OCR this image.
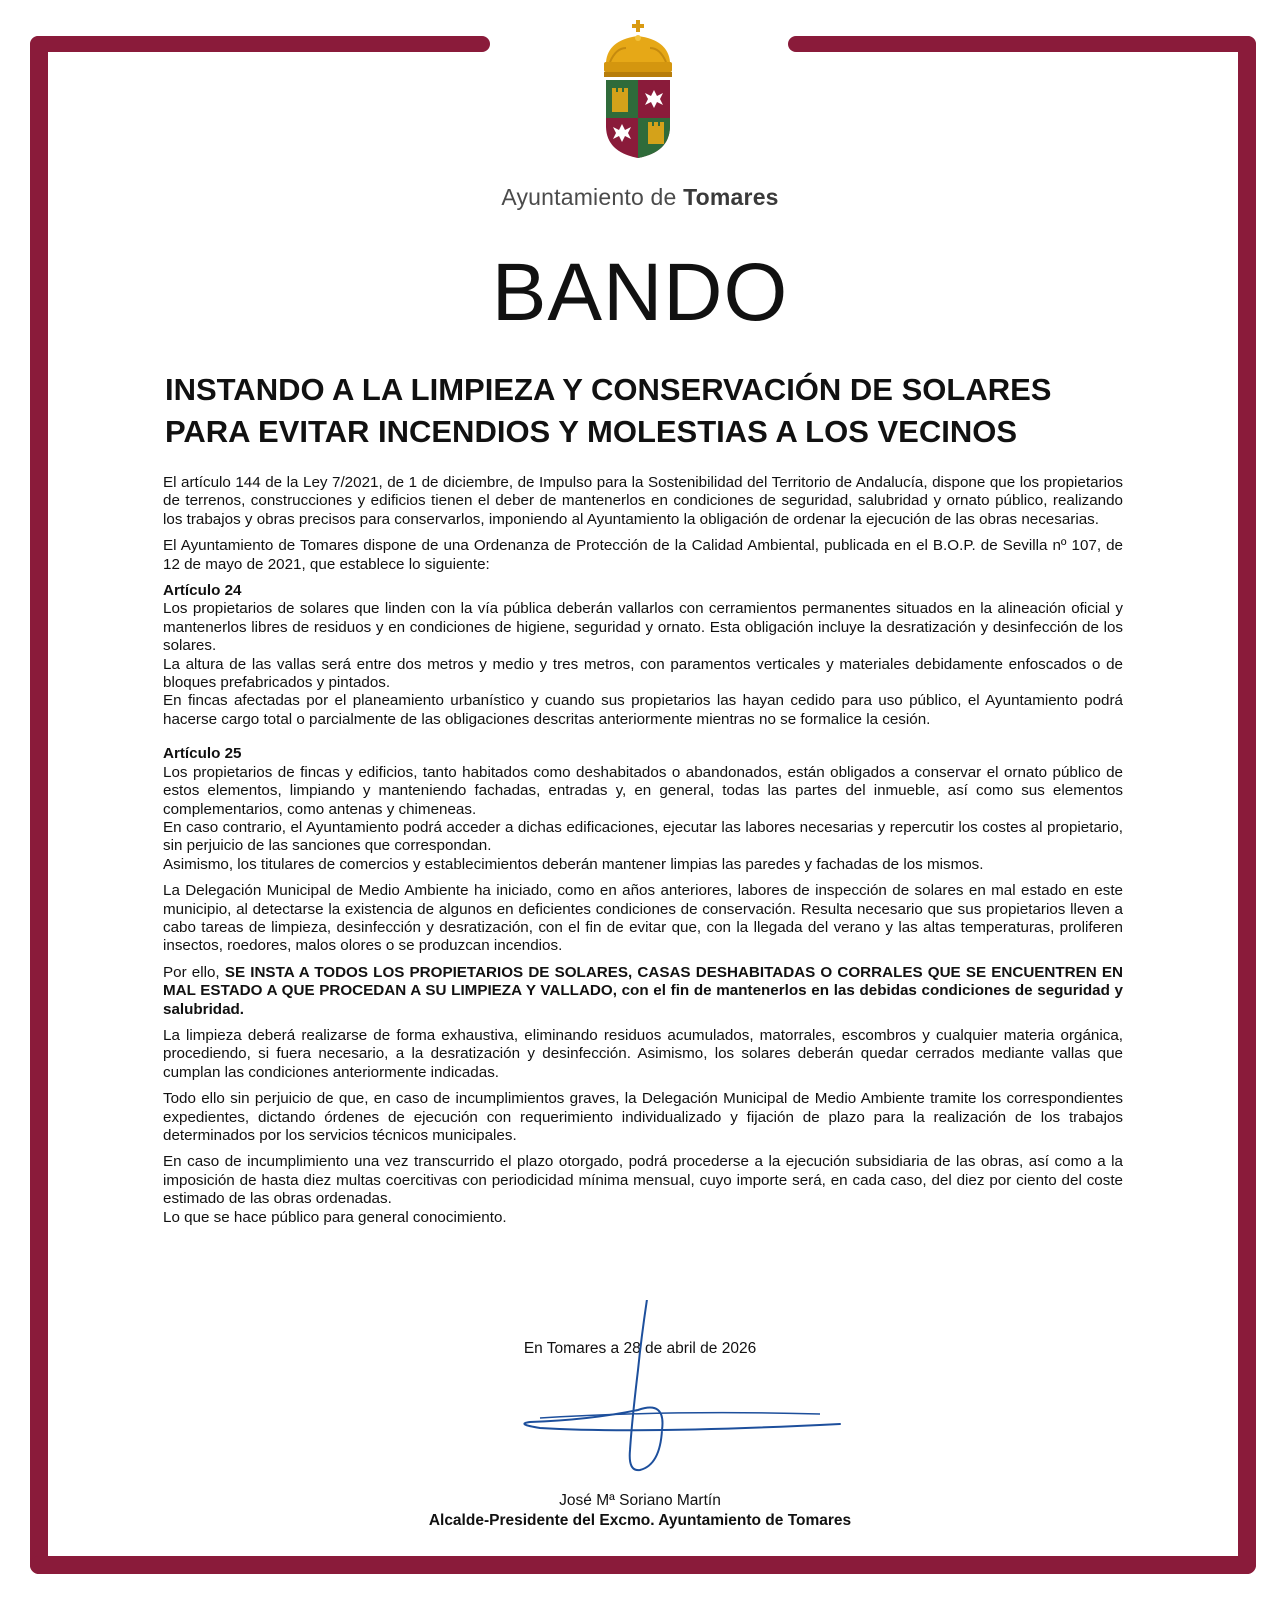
Ayuntamiento de Tomares
BANDO
INSTANDO A LA LIMPIEZA Y CONSERVACIÓN DE SOLARES
PARA EVITAR INCENDIOS Y MOLESTIAS A LOS VECINOS

El artículo 144 de la Ley 7/2021, de 1 de diciembre, de Impulso para la Sostenibilidad del Territorio de Andalucía, dispone que los propietarios de terrenos, construcciones y edificios tienen el deber de mantenerlos en condiciones de seguridad, salubridad y ornato público, realizando los trabajos y obras precisos para conservarlos, imponiendo al Ayuntamiento la obligación de ordenar la ejecución de las obras necesarias.

El Ayuntamiento de Tomares dispone de una Ordenanza de Protección de la Calidad Ambiental, publicada en el B.O.P. de Sevilla nº 107, de 12 de mayo de 2021, que establece lo siguiente:

Artículo 24
Los propietarios de solares que linden con la vía pública deberán vallarlos con cerramientos permanentes situados en la alineación oficial y mantenerlos libres de residuos y en condiciones de higiene, seguridad y ornato. Esta obligación incluye la desratización y desinfección de los solares.
La altura de las vallas será entre dos metros y medio y tres metros, con paramentos verticales y materiales debidamente enfoscados o de bloques prefabricados y pintados.
En fincas afectadas por el planeamiento urbanístico y cuando sus propietarios las hayan cedido para uso público, el Ayuntamiento podrá hacerse cargo total o parcialmente de las obligaciones descritas anteriormente mientras no se formalice la cesión.
Artículo 25
Los propietarios de fincas y edificios, tanto habitados como deshabitados o abandonados, están obligados a conservar el ornato público de estos elementos, limpiando y manteniendo fachadas, entradas y, en general, todas las partes del inmueble, así como sus elementos complementarios, como antenas y chimeneas.
En caso contrario, el Ayuntamiento podrá acceder a dichas edificaciones, ejecutar las labores necesarias y repercutir los costes al propietario, sin perjuicio de las sanciones que correspondan.
Asimismo, los titulares de comercios y establecimientos deberán mantener limpias las paredes y fachadas de los mismos.

La Delegación Municipal de Medio Ambiente ha iniciado, como en años anteriores, labores de inspección de solares en mal estado en este municipio, al detectarse la existencia de algunos en deficientes condiciones de conservación. Resulta necesario que sus propietarios lleven a cabo tareas de limpieza, desinfección y desratización, con el fin de evitar que, con la llegada del verano y las altas temperaturas, proliferen insectos, roedores, malos olores o se produzcan incendios.

Por ello, SE INSTA A TODOS LOS PROPIETARIOS DE SOLARES, CASAS DESHABITADAS O CORRALES QUE SE ENCUENTREN EN MAL ESTADO A QUE PROCEDAN A SU LIMPIEZA Y VALLADO, con el fin de mantenerlos en las debidas condiciones de seguridad y salubridad.

La limpieza deberá realizarse de forma exhaustiva, eliminando residuos acumulados, matorrales, escombros y cualquier materia orgánica, procediendo, si fuera necesario, a la desratización y desinfección. Asimismo, los solares deberán quedar cerrados mediante vallas que cumplan las condiciones anteriormente indicadas.

Todo ello sin perjuicio de que, en caso de incumplimientos graves, la Delegación Municipal de Medio Ambiente tramite los correspondientes expedientes, dictando órdenes de ejecución con requerimiento individualizado y fijación de plazo para la realización de los trabajos determinados por los servicios técnicos municipales.

En caso de incumplimiento una vez transcurrido el plazo otorgado, podrá procederse a la ejecución subsidiaria de las obras, así como a la imposición de hasta diez multas coercitivas con periodicidad mínima mensual, cuyo importe será, en cada caso, del diez por ciento del coste estimado de las obras ordenadas.

Lo que se hace público para general conocimiento.

En Tomares a 28 de abril de 2026
José Mª Soriano Martín
Alcalde-Presidente del Excmo. Ayuntamiento de Tomares
